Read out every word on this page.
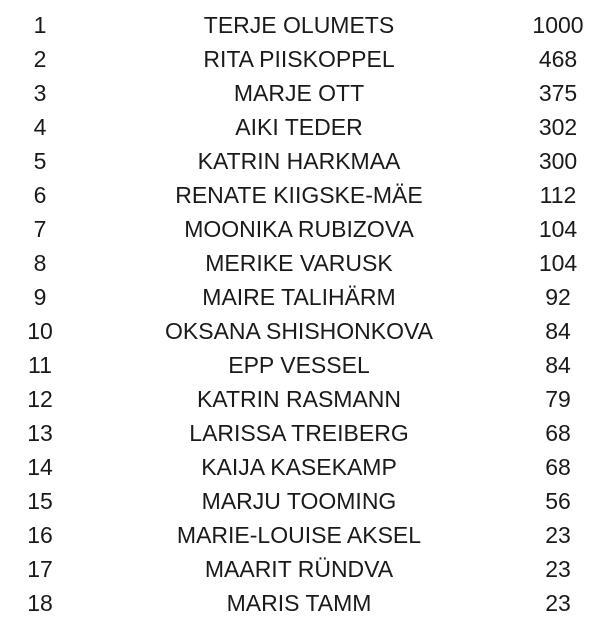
1	TERJE OLUMETS	1000
2	RITA PIISKOPPEL	468
3	MARJE OTT	375
4	AIKI TEDER	302
5	KATRIN HARKMAA	300
6	RENATE KIIGSKE-MÄE	112
7	MOONIKA RUBIZOVA	104
8	MERIKE VARUSK	104
9	MAIRE TALIHÄRM	92
10	OKSANA SHISHONKOVA	84
11	EPP VESSEL	84
12	KATRIN RASMANN	79
13	LARISSA TREIBERG	68
14	KAIJA KASEKAMP	68
15	MARJU TOOMING	56
16	MARIE-LOUISE AKSEL	23
17	MAARIT RÜNDVA	23
18	MARIS TAMM	23
